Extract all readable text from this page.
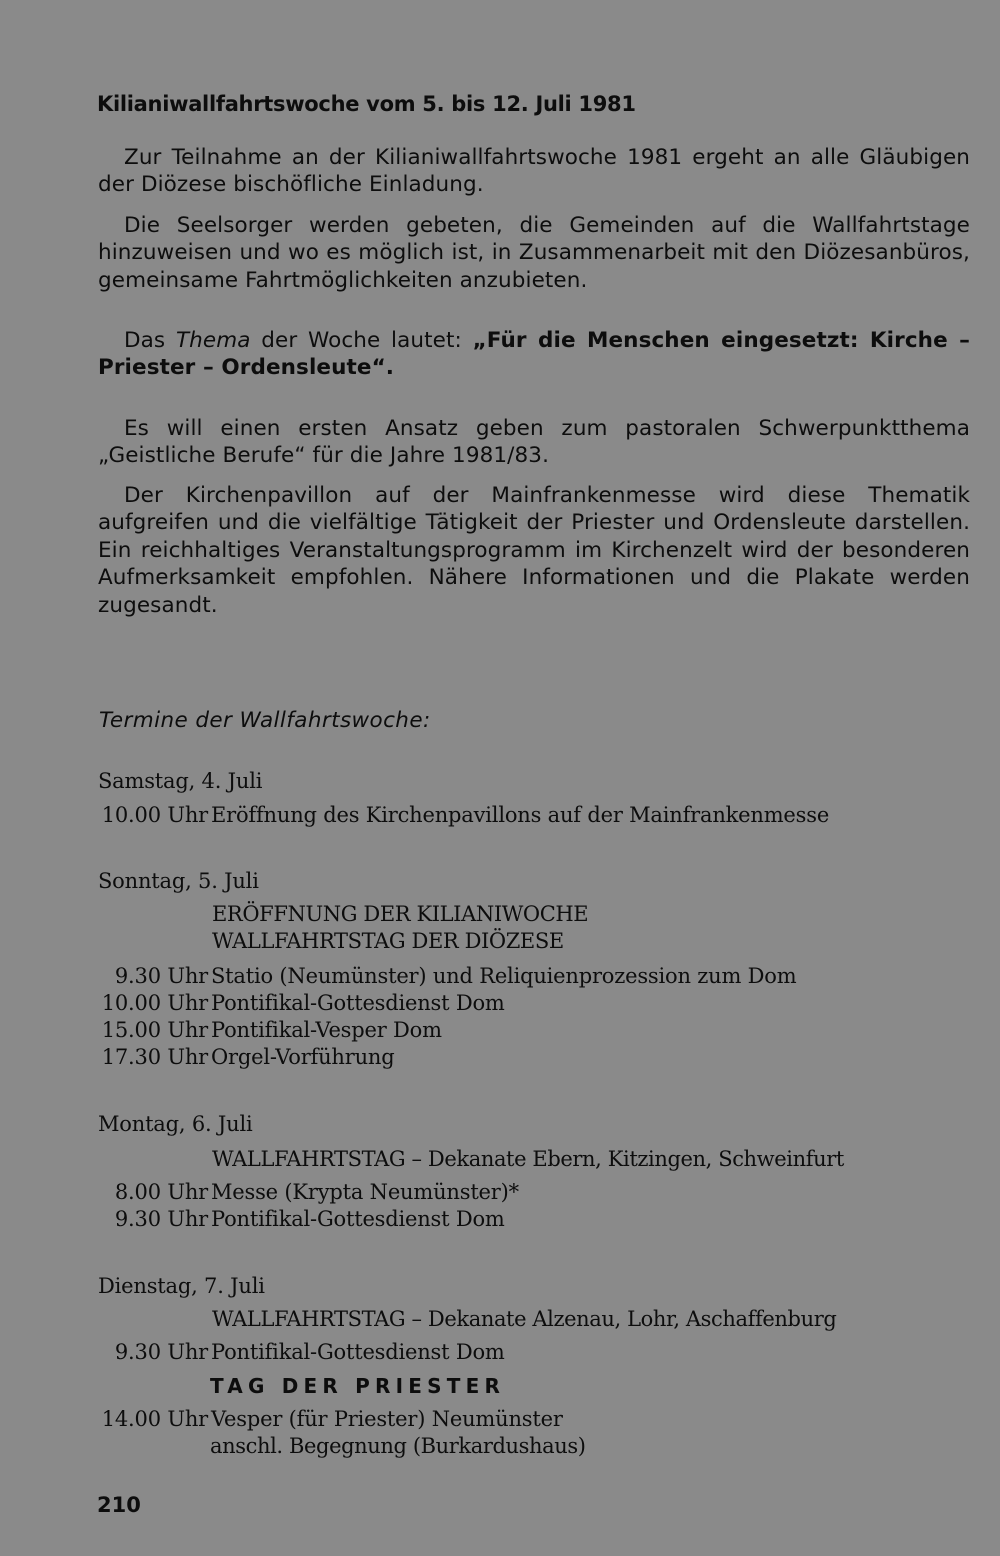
Kilianiwallfahrtswoche vom 5. bis 12. Juli 1981
Zur Teilnahme an der Kilianiwallfahrtswoche 1981 ergeht an alle Gläubigen der Diözese bischöfliche Einladung.
Die Seelsorger werden gebeten, die Gemeinden auf die Wallfahrtstage hinzuweisen und wo es möglich ist, in Zusammenarbeit mit den Diözesanbüros, gemeinsame Fahrtmöglichkeiten anzubieten.
Das Thema der Woche lautet: „Für die Menschen eingesetzt: Kirche – Priester – Ordensleute“.
Es will einen ersten Ansatz geben zum pastoralen Schwerpunktthema „Geistliche Berufe“ für die Jahre 1981/83.
Der Kirchenpavillon auf der Mainfrankenmesse wird diese Thematik aufgreifen und die vielfältige Tätigkeit der Priester und Ordensleute darstellen. Ein reichhaltiges Veranstaltungsprogramm im Kirchenzelt wird der besonderen Aufmerksamkeit empfohlen. Nähere Informationen und die Plakate werden zugesandt.
Termine der Wallfahrtswoche:
Samstag, 4. Juli
10.00 Uhr Eröffnung des Kirchenpavillons auf der Mainfrankenmesse
Sonntag, 5. Juli
ERÖFFNUNG DER KILIANIWOCHE
WALLFAHRTSTAG DER DIÖZESE
9.30 Uhr Statio (Neumünster) und Reliquienprozession zum Dom
10.00 Uhr Pontifikal-Gottesdienst Dom
15.00 Uhr Pontifikal-Vesper Dom
17.30 Uhr Orgel-Vorführung
Montag, 6. Juli
WALLFAHRTSTAG – Dekanate Ebern, Kitzingen, Schweinfurt
8.00 Uhr Messe (Krypta Neumünster)*
9.30 Uhr Pontifikal-Gottesdienst Dom
Dienstag, 7. Juli
WALLFAHRTSTAG – Dekanate Alzenau, Lohr, Aschaffenburg
9.30 Uhr Pontifikal-Gottesdienst Dom
TAG DER PRIESTER
14.00 Uhr Vesper (für Priester) Neumünster
anschl. Begegnung (Burkardushaus)
210
